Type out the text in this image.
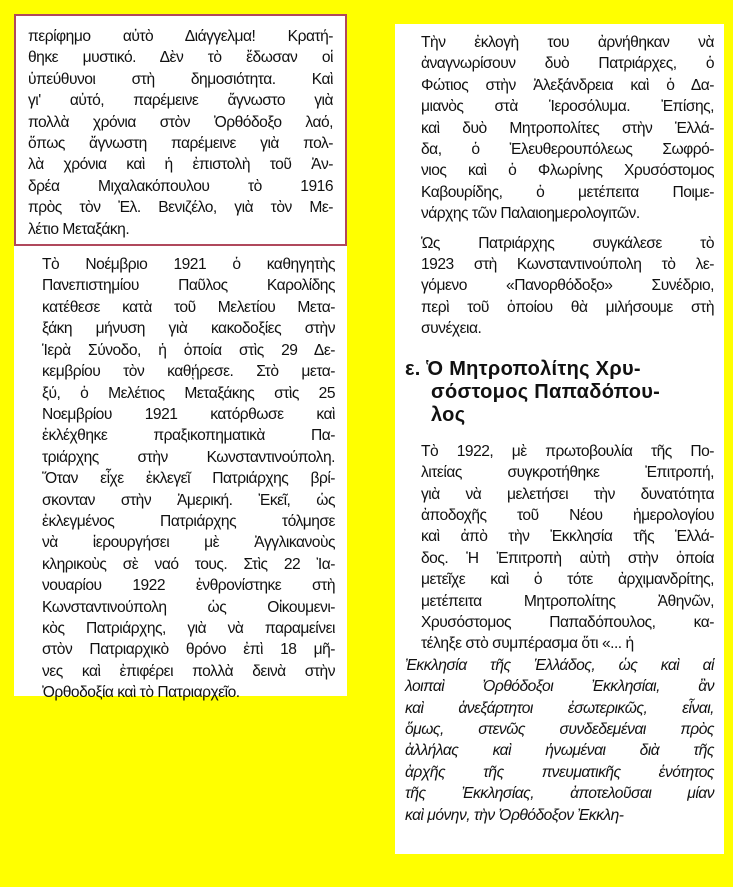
περίφημο αὐτὸ Διάγγελμα! Κρατή-
θηκε μυστικό. Δὲν τὸ ἔδωσαν οἱ
ὑπεύθυνοι στὴ δημοσιότητα. Καὶ
γι' αὐτό, παρέμεινε ἄγνωστο γιὰ
πολλὰ χρόνια στὸν Ὀρθόδοξο λαό,
ὅπως ἄγνωστη παρέμεινε γιὰ πολ-
λὰ χρόνια καὶ ἡ ἐπιστολὴ τοῦ Ἀν-
δρέα Μιχαλακόπουλου τὸ 1916
πρὸς τὸν Ἐλ. Βενιζέλο, γιὰ τὸν Με-
λέτιο Μεταξάκη.

Τὸ Νοέμβριο 1921 ὁ καθηγητὴς
Πανεπιστημίου Παῦλος Καρολίδης
κατέθεσε κατὰ τοῦ Μελετίου Μετα-
ξάκη μήνυση γιὰ κακοδοξίες στὴν
Ἱερὰ Σύνοδο, ἡ ὁποία στὶς 29 Δε-
κεμβρίου τὸν καθῄρεσε. Στὸ μετα-
ξύ, ὁ Μελέτιος Μεταξάκης στὶς 25
Νοεμβρίου 1921 κατόρθωσε καὶ
ἐκλέχθηκε πραξικοπηματικὰ Πα-
τριάρχης στὴν Κωνσταντινούπολη.
Ὅταν εἶχε ἐκλεγεῖ Πατριάρχης βρί-
σκονταν στὴν Ἀμερική. Ἐκεῖ, ὡς
ἐκλεγμένος Πατριάρχης τόλμησε
νὰ ἱερουργήσει μὲ Ἀγγλικανοὺς
κληρικοὺς σὲ ναό τους. Στὶς 22 Ἰα-
νουαρίου 1922 ἐνθρονίστηκε στὴ
Κωνσταντινούπολη ὡς Οἰκουμενι-
κὸς Πατριάρχης, γιὰ νὰ παραμείνει
στὸν Πατριαρχικὸ θρόνο ἐπὶ 18 μῆ-
νες καὶ ἐπιφέρει πολλὰ δεινὰ στὴν
Ὀρθοδοξία καὶ τὸ Πατριαρχεῖο.

Τὴν ἐκλογὴ του ἀρνήθηκαν νὰ
ἀναγνωρίσουν δυὸ Πατριάρχες, ὁ
Φώτιος στὴν Ἀλεξάνδρεια καὶ ὁ Δα-
μιανὸς στὰ Ἱεροσόλυμα. Ἐπίσης,
καὶ δυὸ Μητροπολίτες στὴν Ἑλλά-
δα, ὁ Ἐλευθερουπόλεως Σωφρό-
νιος καὶ ὁ Φλωρίνης Χρυσόστομος
Καβουρίδης, ὁ μετέπειτα Ποιμε-
νάρχης τῶν Παλαιοημερολογιτῶν.

Ὡς Πατριάρχης συγκάλεσε τὸ
1923 στὴ Κωνσταντινούπολη τὸ λε-
γόμενο «Πανορθόδοξο» Συνέδριο,
περὶ τοῦ ὁποίου θὰ μιλήσουμε στὴ
συνέχεια.

ε. Ὁ Μητροπολίτης Χρυ-
σόστομος Παπαδόπου-
λος

Τὸ 1922, μὲ πρωτοβουλία τῆς Πο-
λιτείας συγκροτήθηκε Ἐπιτροπή,
γιὰ νὰ μελετήσει τὴν δυνατότητα
ἀποδοχῆς τοῦ Νέου ἡμερολογίου
καὶ ἀπὸ τὴν Ἐκκλησία τῆς Ἑλλά-
δος. Ἡ Ἐπιτροπὴ αὐτὴ στὴν ὁποία
μετεῖχε καὶ ὁ τότε ἀρχιμανδρίτης,
μετέπειτα Μητροπολίτης Ἀθηνῶν,
Χρυσόστομος Παπαδόπουλος, κα-
τέληξε στὸ συμπέρασμα ὅτι «... ἡ

Ἐκκλησία τῆς Ἑλλάδος, ὡς καὶ αἱ
λοιπαὶ Ὀρθόδοξοι Ἐκκλησίαι, ἂν
καὶ ἀνεξάρτητοι ἐσωτερικῶς, εἶναι,
ὅμως, στενῶς συνδεδεμέναι πρὸς
ἀλλήλας καὶ ἡνωμέναι διὰ τῆς
ἀρχῆς τῆς πνευματικῆς ἑνότητος
τῆς Ἐκκλησίας, ἀποτελοῦσαι μίαν
καὶ μόνην, τὴν Ὀρθόδοξον Ἐκκλη-
